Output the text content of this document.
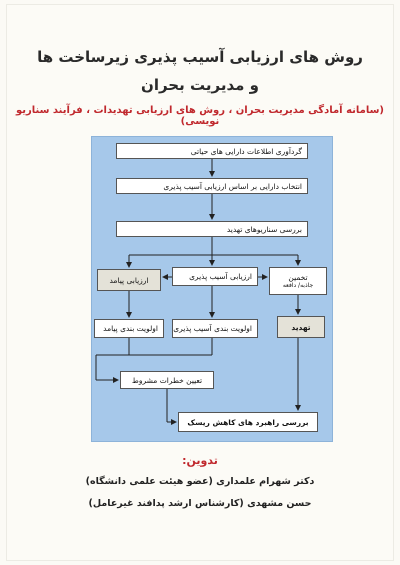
روش های ارزیابی آسیب پذیری زیرساخت ها
و مدیریت بحران
(سامانه آمادگی مدیریت بحران ، روش های ارزیابی تهدیدات ، فرآیند سناریو نویسی)
گردآوری اطلاعات دارایی های حیاتی
انتخاب دارایی بر اساس ارزیابی آسیب پذیری
بررسی سناریوهای تهدید
ارزیابی پیامد	ارزیابی آسیب پذیری	تخمین
جاذبه/ دافعه
اولویت بندی پیامد	اولویت بندی آسیب پذیری	تهدید
تعیین خطرات مشروط
بررسی راهبرد های کاهش ریسک
تدوین:
دکتر شهرام علمداری (عضو هیئت علمی دانشگاه)
حسن مشهدی (کارشناس ارشد پدافند غیرعامل)
